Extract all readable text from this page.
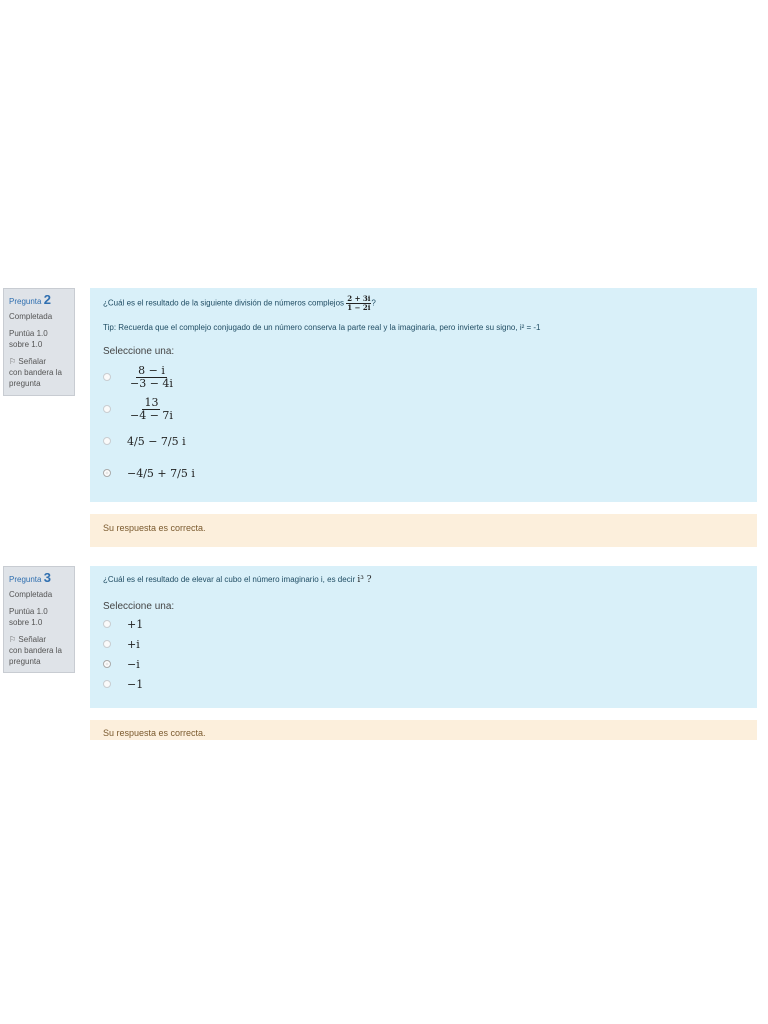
Pregunta 2
Completada
Puntúa 1.0
sobre 1.0
⚐ Señalar
con bandera la
pregunta
¿Cuál es el resultado de la siguiente división de números complejos $\frac{2 + 3i}{1 - 2i}$ ?
Tip: Recuerda que el complejo conjugado de un número conserva la parte real y la imaginaria, pero invierte su signo, i² = -1
Seleccione una:
$\frac{8 - i}{-3 - 4i}$
$\frac{13}{-4 - 7i}$
4/5 − 7/5 i
−4/5 + 7/5 i
Su respuesta es correcta.
Pregunta 3
Completada
Puntúa 1.0
sobre 1.0
⚐ Señalar
con bandera la
pregunta
¿Cuál es el resultado de elevar al cubo el número imaginario i, es decir i³ ?
Seleccione una:
+1
+i
−i
−1
Su respuesta es correcta.
